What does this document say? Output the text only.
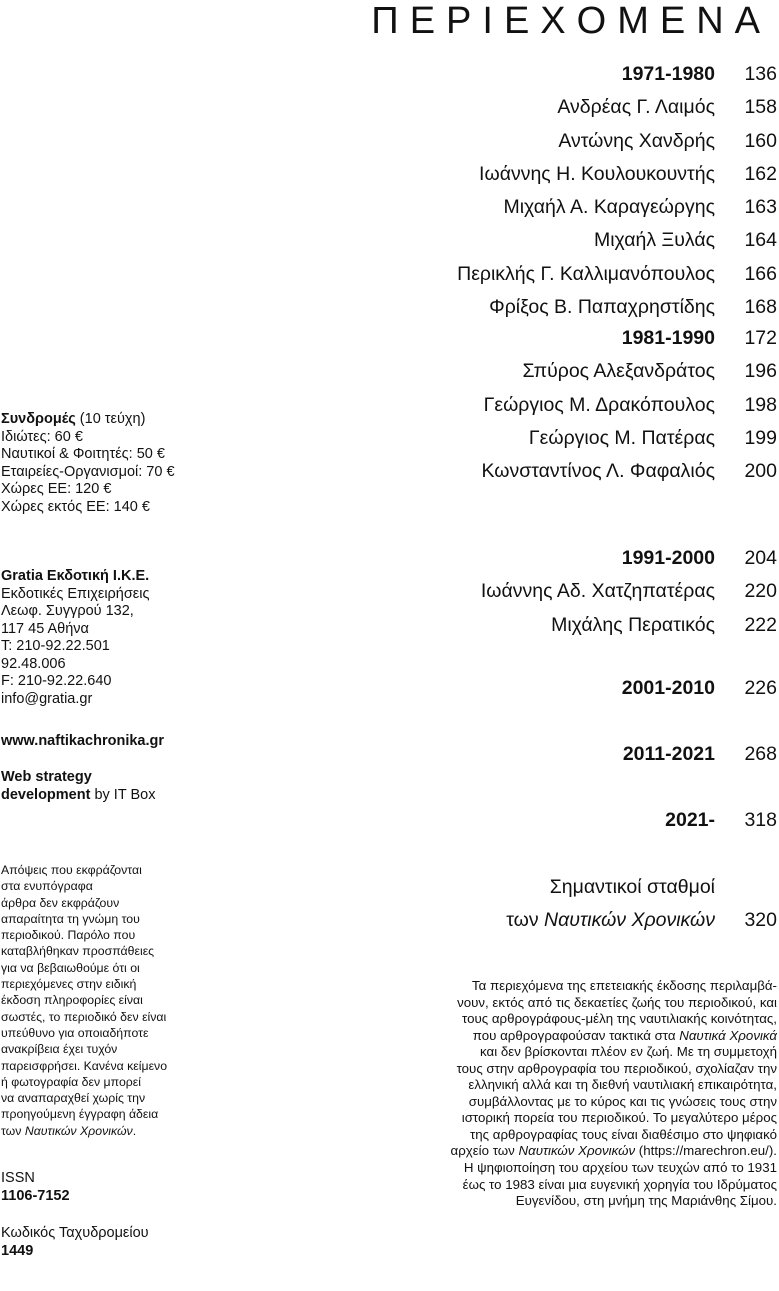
ΠΕΡΙΕΧΟΜΕΝΑ
1971-1980	136
Ανδρέας Γ. Λαιμός	158
Αντώνης Χανδρής	160
Ιωάννης Η. Κουλουκουντής	162
Μιχαήλ Α. Καραγεώργης	163
Μιχαήλ Ξυλάς	164
Περικλής Γ. Καλλιμανόπουλος	166
Φρίξος Β. Παπαχρηστίδης	168
1981-1990	172
Σπύρος Αλεξανδράτος	196
Γεώργιος Μ. Δρακόπουλος	198
Γεώργιος Μ. Πατέρας	199
Κωνσταντίνος Λ. Φαφαλιός	200
1991-2000	204
Ιωάννης Αδ. Χατζηπατέρας	220
Μιχάλης Περατικός	222
2001-2010	226
2011-2021	268
2021-	318
Σημαντικοί σταθμοί
των Ναυτικών Χρονικών	320
Συνδρομές (10 τεύχη)
Ιδιώτες: 60 €
Ναυτικοί & Φοιτητές: 50 €
Εταιρείες-Οργανισμοί: 70 €
Χώρες ΕΕ: 120 €
Χώρες εκτός ΕΕ: 140 €
Gratia Εκδοτική Ι.Κ.Ε.
Εκδοτικές Επιχειρήσεις
Λεωφ. Συγγρού 132,
117 45 Αθήνα
T: 210-92.22.501
92.48.006
F: 210-92.22.640
info@gratia.gr
www.naftikachronika.gr
Web strategy
development by IT Box
Απόψεις που εκφράζονται
στα ενυπόγραφα
άρθρα δεν εκφράζουν
απαραίτητα τη γνώμη του
περιοδικού. Παρόλο που
καταβλήθηκαν προσπάθειες
για να βεβαιωθούμε ότι οι
περιεχόμενες στην ειδική
έκδοση πληροφορίες είναι
σωστές, το περιοδικό δεν είναι
υπεύθυνο για οποιαδήποτε
ανακρίβεια έχει τυχόν
παρεισφρήσει. Κανένα κείμενο
ή φωτογραφία δεν μπορεί
να αναπαραχθεί χωρίς την
προηγούμενη έγγραφη άδεια
των Ναυτικών Χρονικών.
ISSN
1106-7152
Κωδικός Ταχυδρομείου
1449
Τα περιεχόμενα της επετειακής έκδοσης περιλαμβά-
νουν, εκτός από τις δεκαετίες ζωής του περιοδικού, και
τους αρθρογράφους-μέλη της ναυτιλιακής κοινότητας,
που αρθρογραφούσαν τακτικά στα Ναυτικά Χρονικά
και δεν βρίσκονται πλέον εν ζωή. Με τη συμμετοχή
τους στην αρθρογραφία του περιοδικού, σχολίαζαν την
ελληνική αλλά και τη διεθνή ναυτιλιακή επικαιρότητα,
συμβάλλοντας με το κύρος και τις γνώσεις τους στην
ιστορική πορεία του περιοδικού. Το μεγαλύτερο μέρος
της αρθρογραφίας τους είναι διαθέσιμο στο ψηφιακό
αρχείο των Ναυτικών Χρονικών (https://marechron.eu/).
Η ψηφιοποίηση του αρχείου των τευχών από το 1931
έως το 1983 είναι μια ευγενική χορηγία του Ιδρύματος
Ευγενίδου, στη μνήμη της Μαριάνθης Σίμου.
